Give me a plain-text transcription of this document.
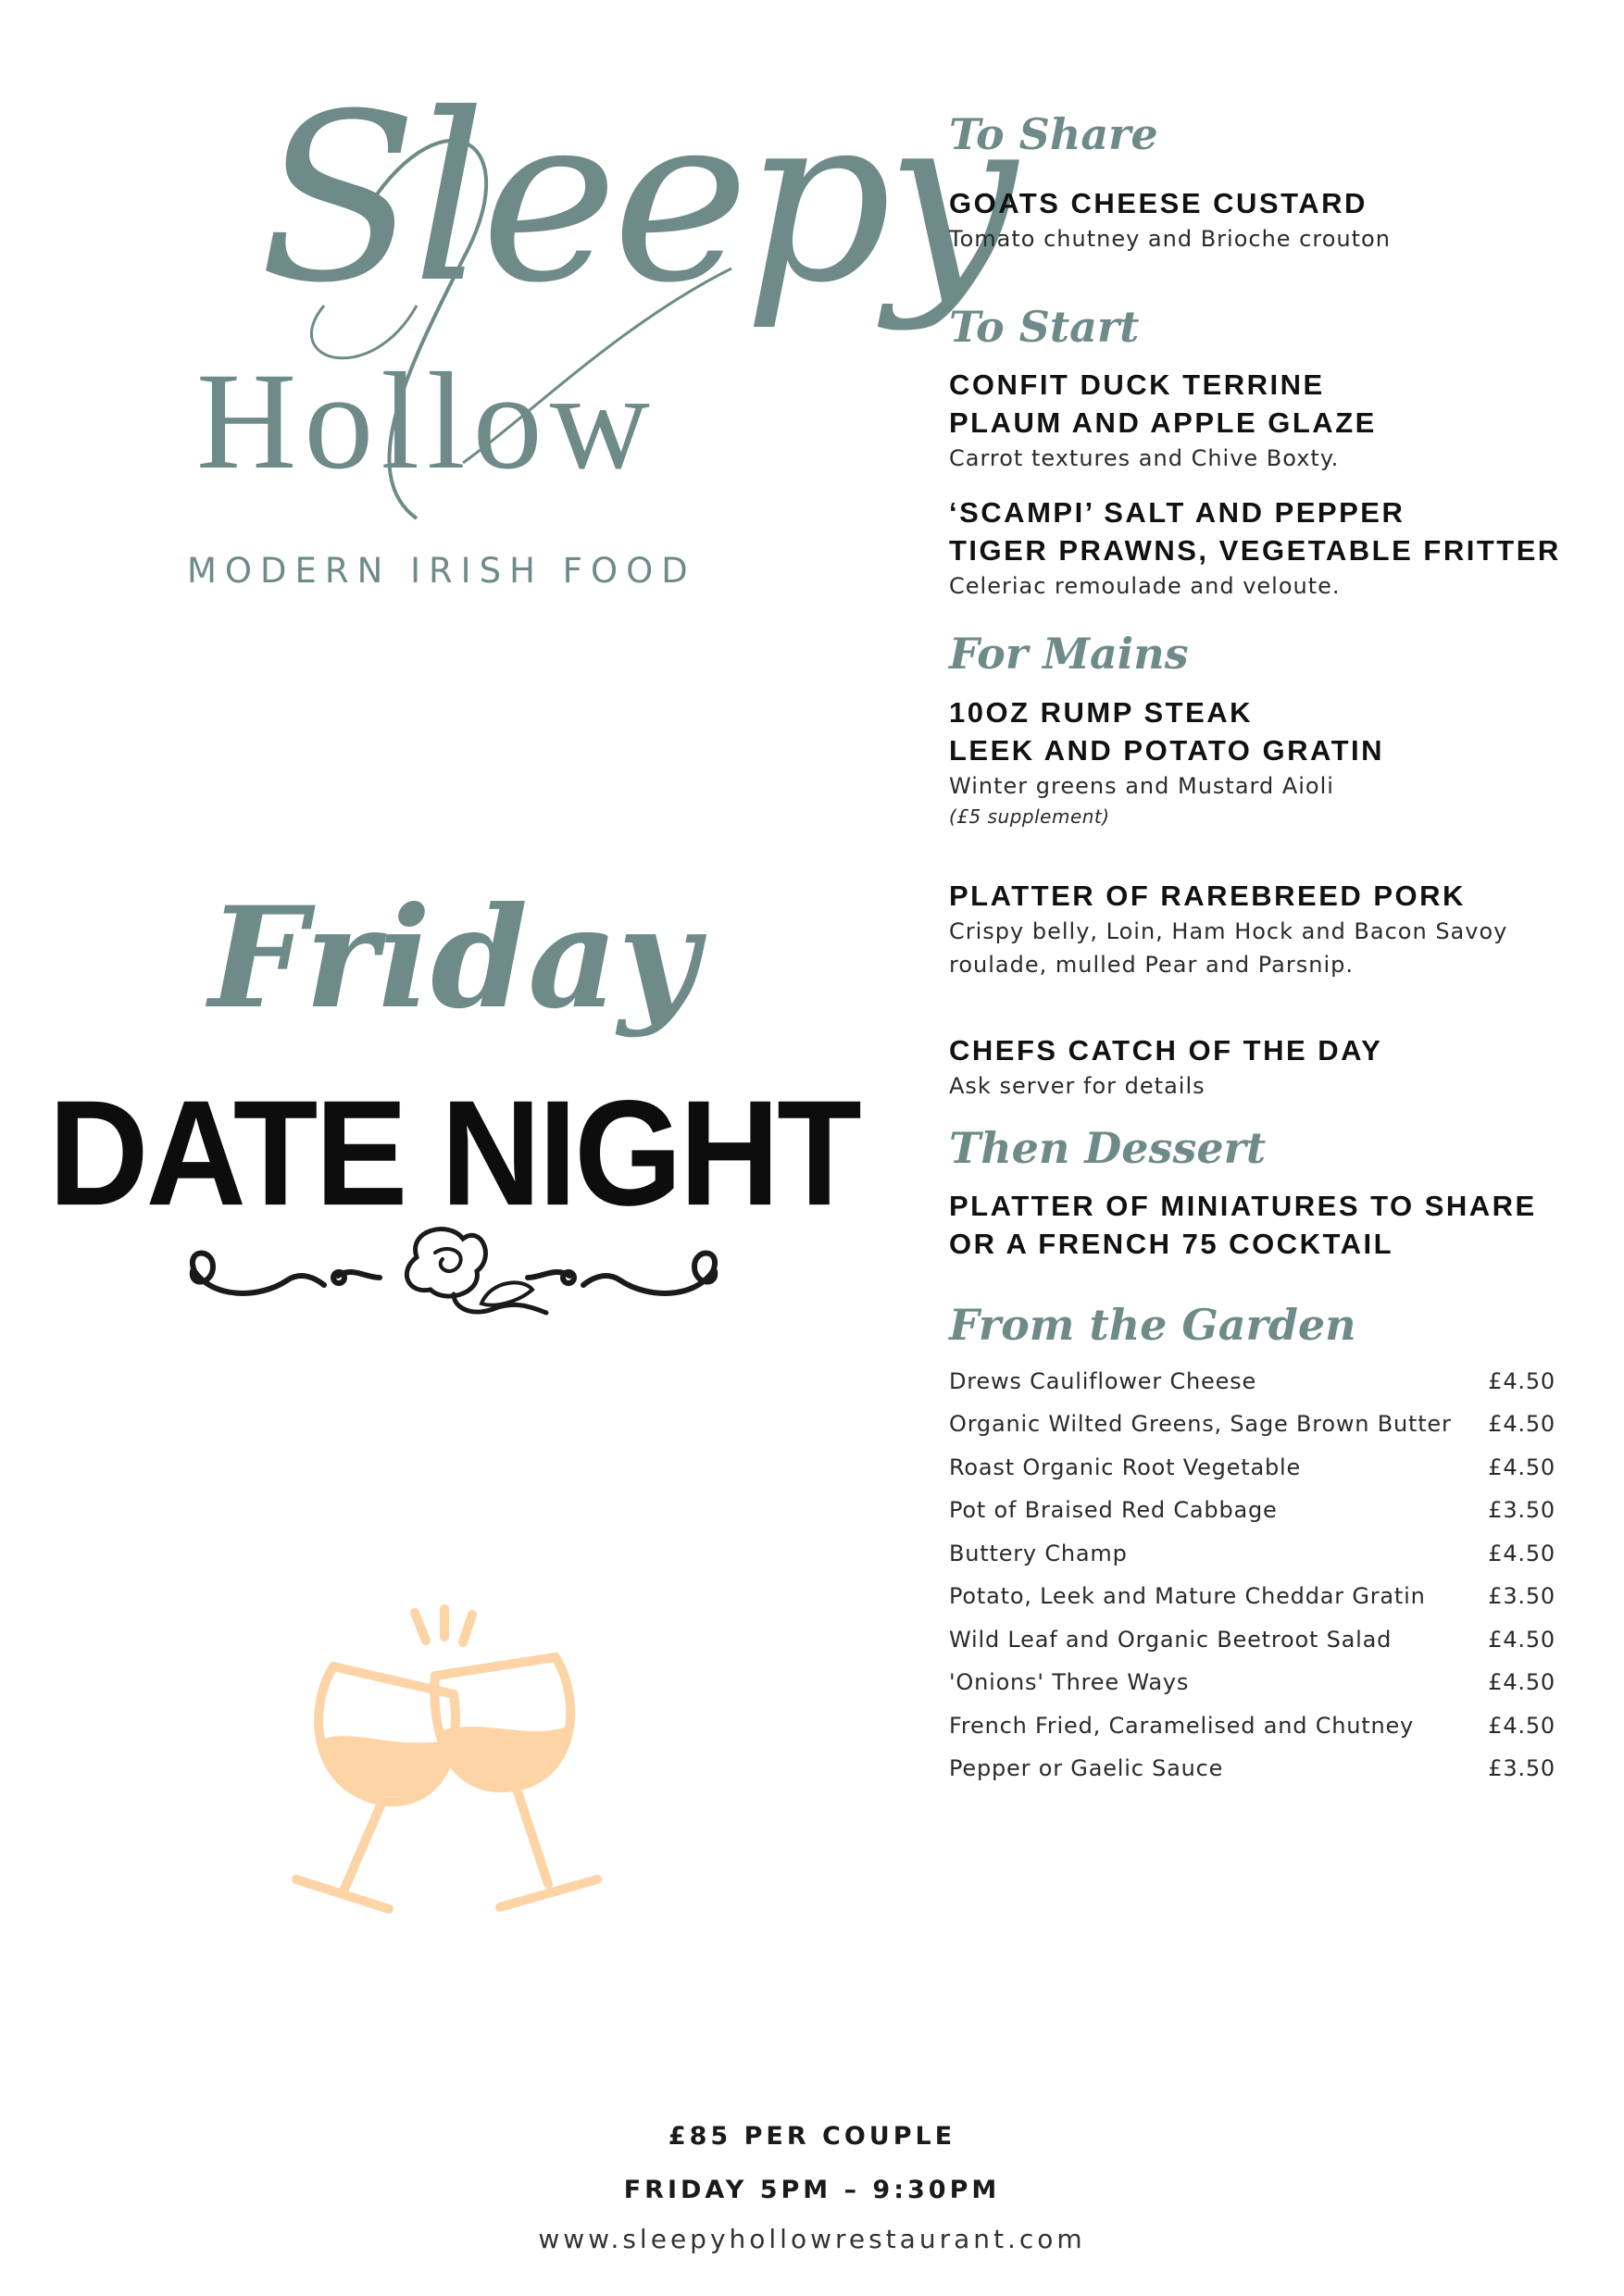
Sleepy
Hollow
MODERN IRISH FOOD
Friday
DATE NIGHT
To Share
GOATS CHEESE CUSTARD
Tomato chutney and Brioche crouton
To Start
CONFIT DUCK TERRINE
PLAUM AND APPLE GLAZE
Carrot textures and Chive Boxty.
‘SCAMPI’ SALT AND PEPPER
TIGER PRAWNS, VEGETABLE FRITTER
Celeriac remoulade and veloute.
For Mains
10OZ RUMP STEAK
LEEK AND POTATO GRATIN
Winter greens and Mustard Aioli
(£5 supplement)
PLATTER OF RAREBREED PORK
Crispy belly, Loin, Ham Hock and Bacon Savoy
roulade, mulled Pear and Parsnip.
CHEFS CATCH OF THE DAY
Ask server for details
Then Dessert
PLATTER OF MINIATURES TO SHARE
OR A FRENCH 75 COCKTAIL
From the Garden
Drews Cauliflower Cheese	£4.50
Organic Wilted Greens, Sage Brown Butter	£4.50
Roast Organic Root Vegetable	£4.50
Pot of Braised Red Cabbage	£3.50
Buttery Champ	£4.50
Potato, Leek and Mature Cheddar Gratin	£3.50
Wild Leaf and Organic Beetroot Salad	£4.50
'Onions' Three Ways	£4.50
French Fried, Caramelised and Chutney	£4.50
Pepper or Gaelic Sauce	£3.50
£85 PER COUPLE
FRIDAY 5PM – 9:30PM
www.sleepyhollowrestaurant.com
